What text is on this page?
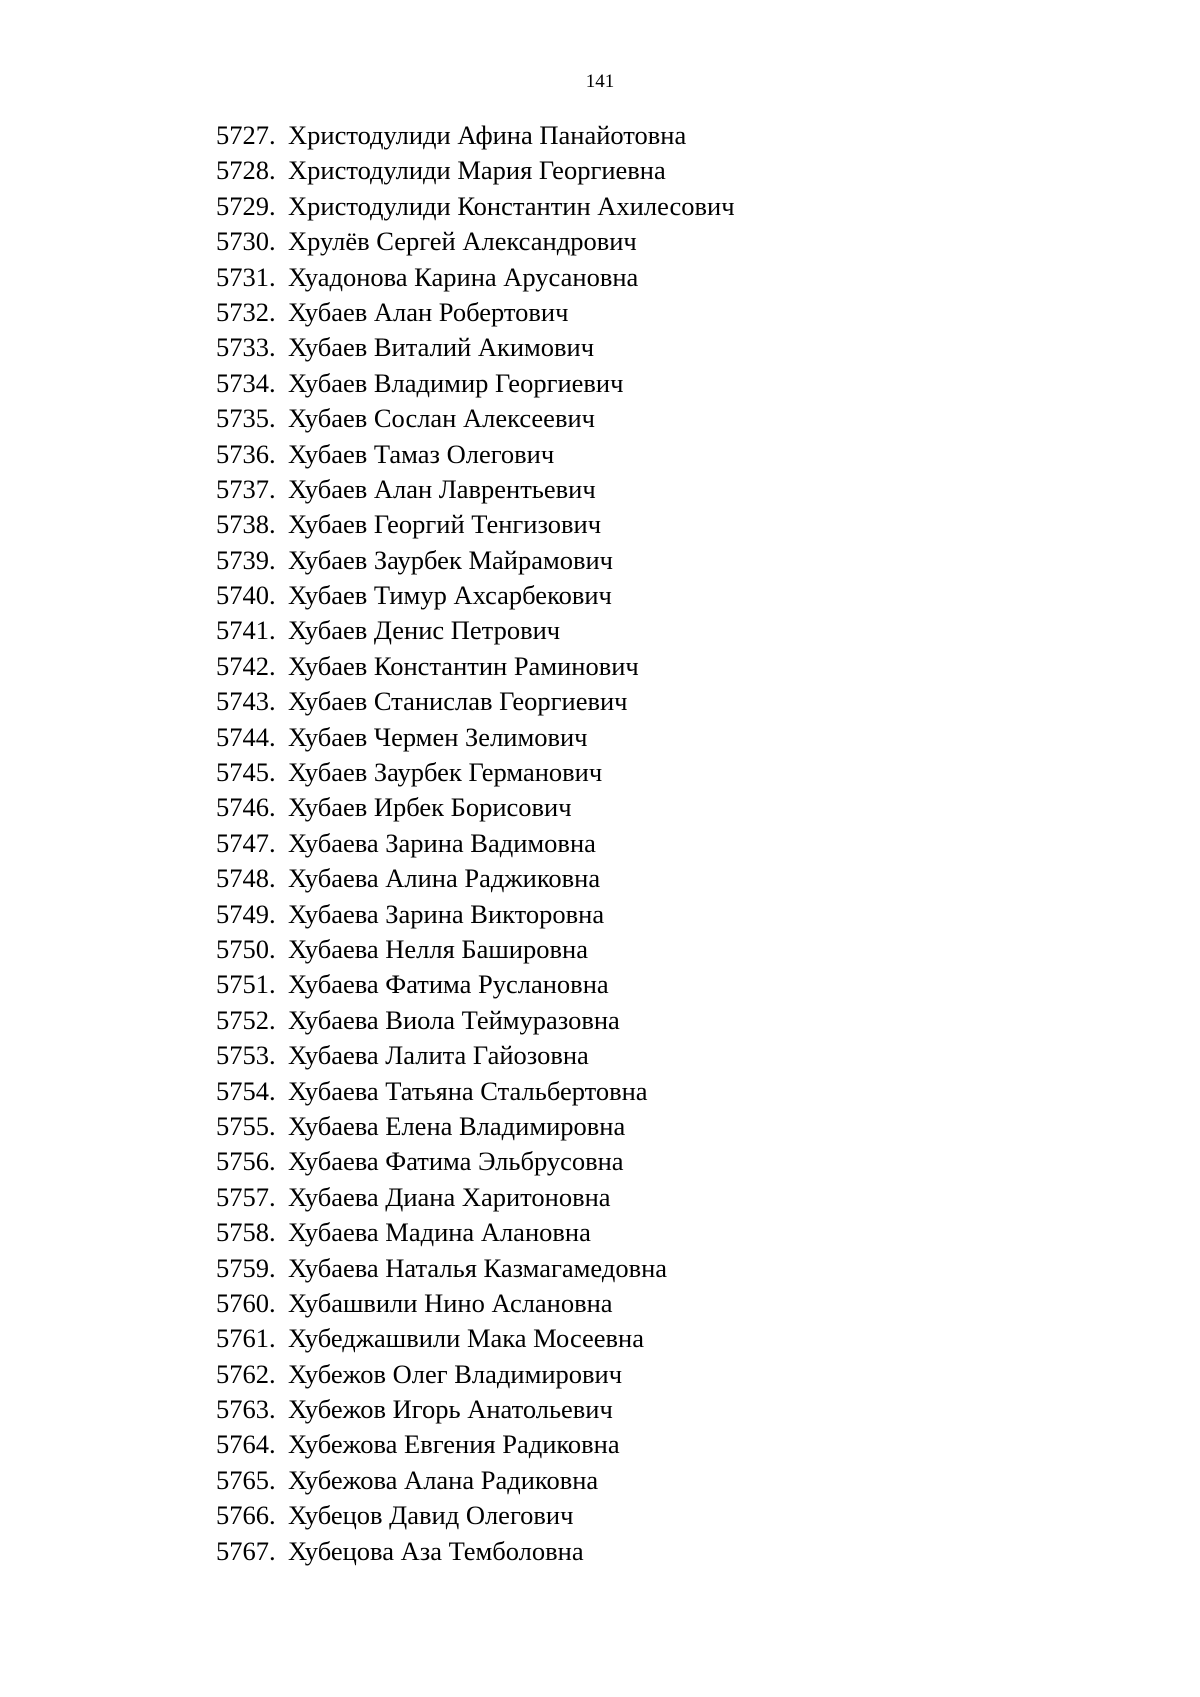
141
5727. Христодулиди Афина Панайотовна
5728. Христодулиди Мария Георгиевна
5729. Христодулиди Константин Ахилесович
5730. Хрулёв Сергей Александрович
5731. Хуадонова Карина Арусановна
5732. Хубаев Алан Робертович
5733. Хубаев Виталий Акимович
5734. Хубаев Владимир Георгиевич
5735. Хубаев Сослан Алексеевич
5736. Хубаев Тамаз Олегович
5737. Хубаев Алан Лаврентьевич
5738. Хубаев Георгий Тенгизович
5739. Хубаев Заурбек Майрамович
5740. Хубаев Тимур Ахсарбекович
5741. Хубаев Денис Петрович
5742. Хубаев Константин Раминович
5743. Хубаев Станислав Георгиевич
5744. Хубаев Чермен Зелимович
5745. Хубаев Заурбек Германович
5746. Хубаев Ирбек Борисович
5747. Хубаева Зарина Вадимовна
5748. Хубаева Алина Раджиковна
5749. Хубаева Зарина Викторовна
5750. Хубаева Нелля Башировна
5751. Хубаева Фатима Руслановна
5752. Хубаева Виола Теймуразовна
5753. Хубаева Лалита Гайозовна
5754. Хубаева Татьяна Стальбертовна
5755. Хубаева Елена Владимировна
5756. Хубаева Фатима Эльбрусовна
5757. Хубаева Диана Харитоновна
5758. Хубаева Мадина Алановна
5759. Хубаева Наталья Казмагамедовна
5760. Хубашвили Нино Аслановна
5761. Хубеджашвили Мака Мосеевна
5762. Хубежов Олег Владимирович
5763. Хубежов Игорь Анатольевич
5764. Хубежова Евгения Радиковна
5765. Хубежова Алана Радиковна
5766. Хубецов Давид Олегович
5767. Хубецова Аза Темболовна
